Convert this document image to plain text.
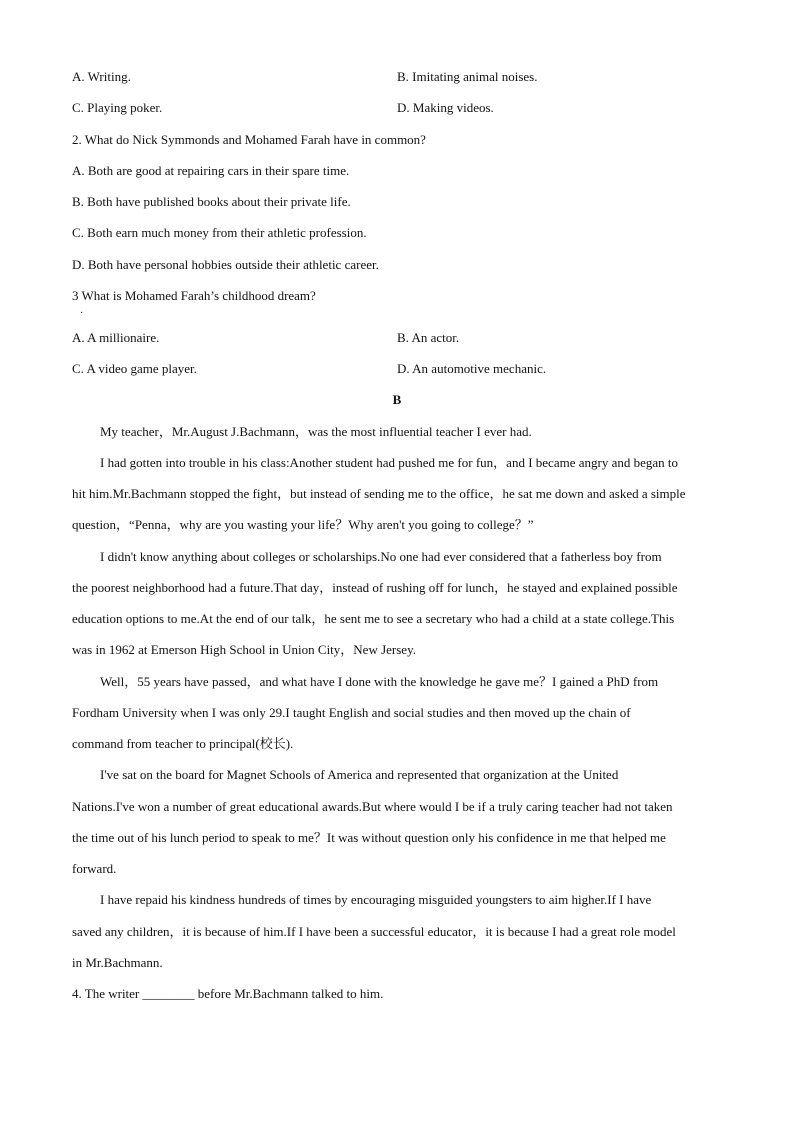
A. Writing.	B. Imitating animal noises.
C. Playing poker.	D. Making videos.
2. What do Nick Symmonds and Mohamed Farah have in common?
A. Both are good at repairing cars in their spare time.
B. Both have published books about their private life.
C. Both earn much money from their athletic profession.
D. Both have personal hobbies outside their athletic career.
3 What is Mohamed Farah’s childhood dream?
·
A. A millionaire.	B. An actor.
C. A video game player.	D. An automotive mechanic.
B
My teacher，Mr.August J.Bachmann，was the most influential teacher I ever had.
I had gotten into trouble in his class:Another student had pushed me for fun，and I became angry and began to
hit him.Mr.Bachmann stopped the fight，but instead of sending me to the office，he sat me down and asked a simple
question，“Penna，why are you wasting your life？Why aren't you going to college？”
I didn't know anything about colleges or scholarships.No one had ever considered that a fatherless boy from
the poorest neighborhood had a future.That day，instead of rushing off for lunch，he stayed and explained possible
education options to me.At the end of our talk，he sent me to see a secretary who had a child at a state college.This
was in 1962 at Emerson High School in Union City，New Jersey.
Well，55 years have passed，and what have I done with the knowledge he gave me？I gained a PhD from
Fordham University when I was only 29.I taught English and social studies and then moved up the chain of
command from teacher to principal(校长).
I've sat on the board for Magnet Schools of America and represented that organization at the United
Nations.I've won a number of great educational awards.But where would I be if a truly caring teacher had not taken
the time out of his lunch period to speak to me？It was without question only his confidence in me that helped me
forward.
I have repaid his kindness hundreds of times by encouraging misguided youngsters to aim higher.If I have
saved any children，it is because of him.If I have been a successful educator，it is because I had a great role model
in Mr.Bachmann.
4. The writer ________ before Mr.Bachmann talked to him.
